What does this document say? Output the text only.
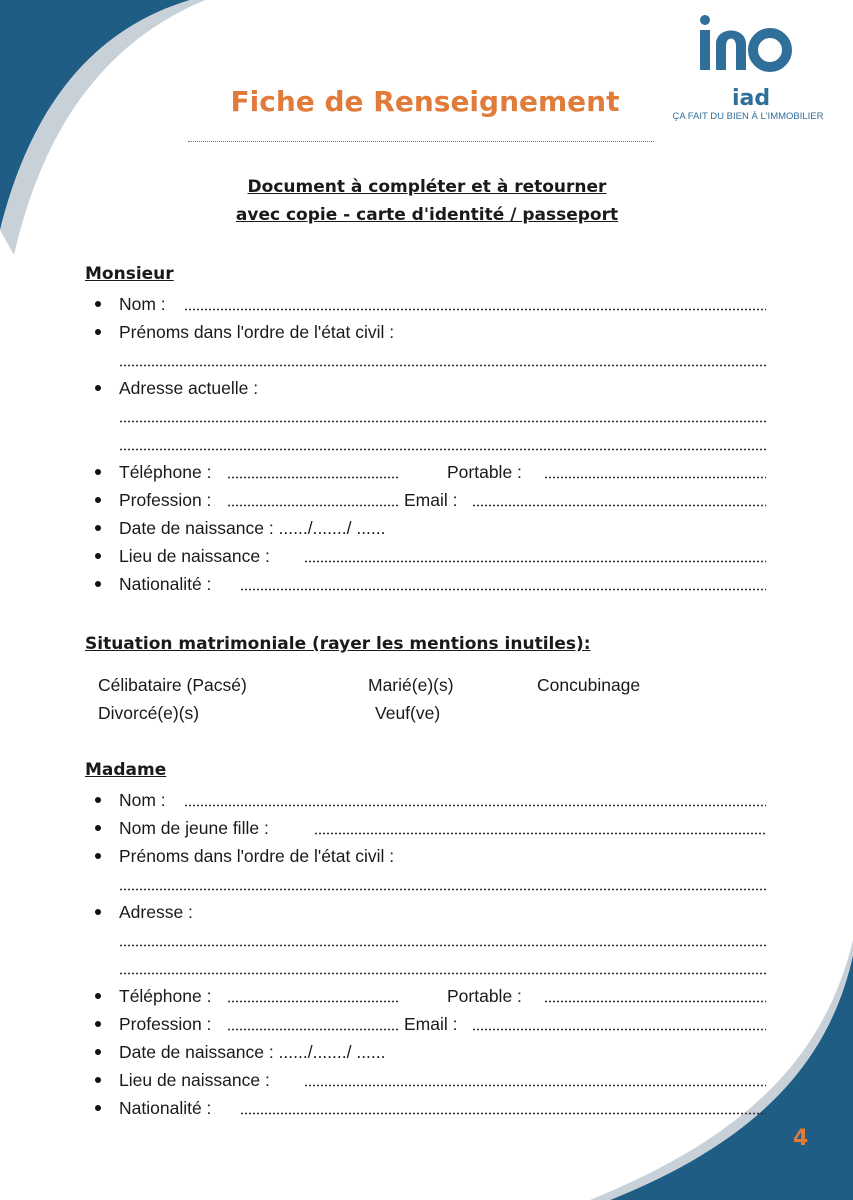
Fiche de Renseignement	iad
ÇA FAIT DU BIEN À L'IMMOBILIER
Document à compléter et à retourner
avec copie - carte d'identité / passeport
Monsieur
Nom :
Prénoms dans l'ordre de l'état civil :
Adresse actuelle :
Téléphone :	Portable :
Profession :	Email :
Date de naissance : ....../......./ ......
Lieu de naissance :
Nationalité :
Situation matrimoniale (rayer les mentions inutiles):
Célibataire (Pacsé)	Marié(e)(s)	Concubinage
Divorcé(e)(s)	Veuf(ve)
Madame
Nom :
Nom de jeune fille :
Prénoms dans l'ordre de l'état civil :
Adresse :
Téléphone :	Portable :
Profession :	Email :
Date de naissance : ....../......./ ......
Lieu de naissance :
Nationalité :
4
